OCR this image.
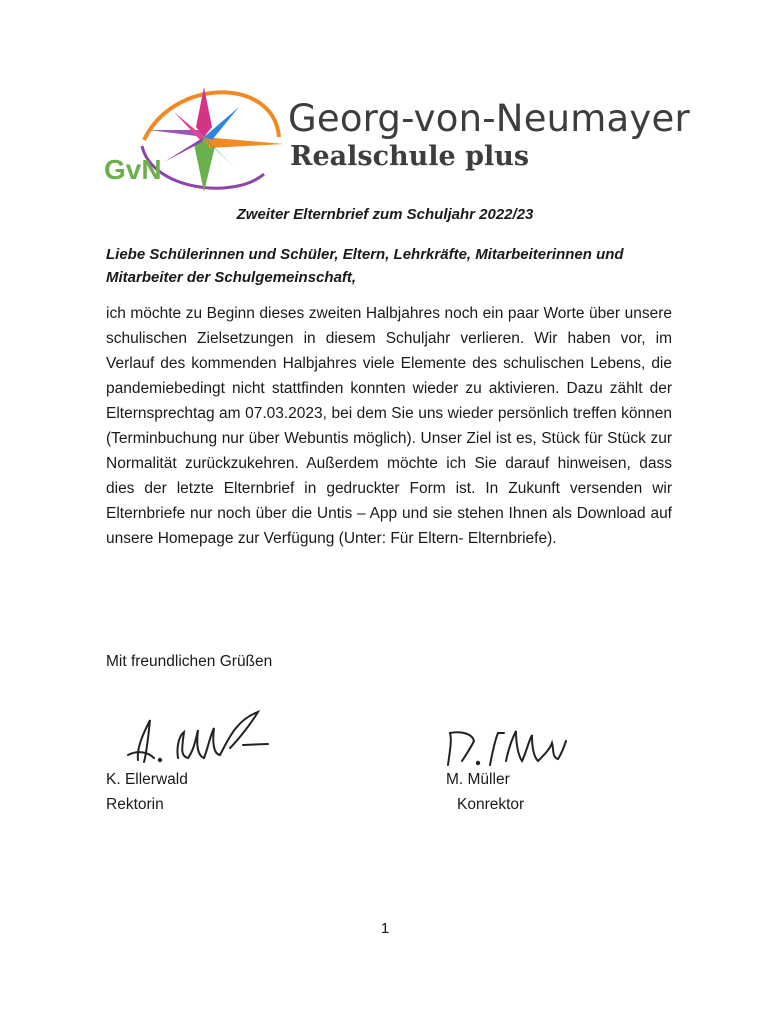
GvN
Georg-von-Neumayer
Realschule plus
Zweiter Elternbrief zum Schuljahr 2022/23
Liebe Schülerinnen und Schüler, Eltern, Lehrkräfte, Mitarbeiterinnen und Mitarbeiter der Schulgemeinschaft,

ich möchte zu Beginn dieses zweiten Halbjahres noch ein paar Worte über unsere schulischen Zielsetzungen in diesem Schuljahr verlieren. Wir haben vor, im Verlauf des kommenden Halbjahres viele Elemente des schulischen Lebens, die pandemiebedingt nicht stattfinden konnten wieder zu aktivieren. Dazu zählt der Elternsprechtag am 07.03.2023, bei dem Sie uns wieder persönlich treffen können (Terminbuchung nur über Webuntis möglich). Unser Ziel ist es, Stück für Stück zur Normalität zurückzukehren. Außerdem möchte ich Sie darauf hinweisen, dass dies der letzte Elternbrief in gedruckter Form ist. In Zukunft versenden wir Elternbriefe nur noch über die Untis – App und sie stehen Ihnen als Download auf unsere Homepage zur Verfügung (Unter: Für Eltern- Elternbriefe).

Mit freundlichen Grüßen
K. Ellerwald
Rektorin
M. Müller
Konrektor
1
